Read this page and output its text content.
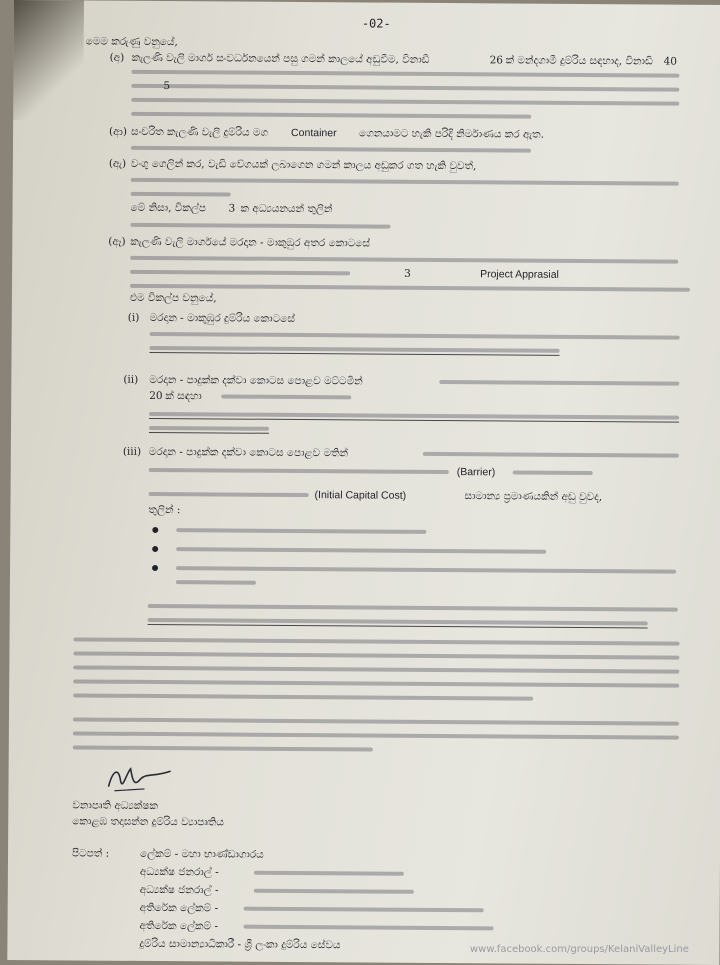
-02-
මෙම කරුණු වනුයේ,
(අ) කැලණි වැලි මාර්ග සංවර්ධනයෙන් පසු ගමන් කාලයේ අඩුවීම, විනාඩි	26 ක් මන්දගාමී දුම්රිය සඳහාද, විනාඩි 40
5
(ආ) සංචරිත කැලණි වැලි දුම්රිය මග Container ගෙනයාමට හැකි පරිදි නිර්මාණය කර ඇත.
(ඇ) වංගු ගෙලින් කර, වැඩි වේගයක් ලබාගෙන ගමන් කාලය අඩුකර ගත හැකි වුවත්,
මේ නිසා, විකල්ප 3 ක අධ්‍යයනයන් තුලින්
(ඈ) කැලණි වැලි මාර්ගයේ මරදාන - මාකුඹුර අතර කොටසේ
3	Project Apprasial
එම විකල්ප වනුයේ,
(i) මරදාන - මාකුඹුර දුම්රිය කොටසේ
(ii) මරදාන - පාදුක්ක දක්වා කොටස පොළව මට්ටමින්
20 ක් සඳහා
(iii) මරදාන - පාදුක්ක දක්වා කොටස පොළව මතින්
(Barrier)
(Initial Capital Cost)	සාමාන්‍ය ප්‍රමාණයකින් අඩු වුවද,
තුලින් :
වනාපෘති අධ්‍යක්ෂක
කොළඹ තදාසන්න දුම්රිය ව්‍යාපෘතිය
පිටපත් :	ලේකම් - මහා භාණ්ඩාගාරය
අධ්‍යක්ෂ ජනරාල් -
අධ්‍යක්ෂ ජනරාල් -
අතිරේක ලේකම් -
අතිරේක ලේකම් -
දුම්රිය සාමාන්‍යාධිකාරී - ශ්‍රී ලංකා දුම්රිය සේවය	www.facebook.com/groups/KelaniValleyLine
